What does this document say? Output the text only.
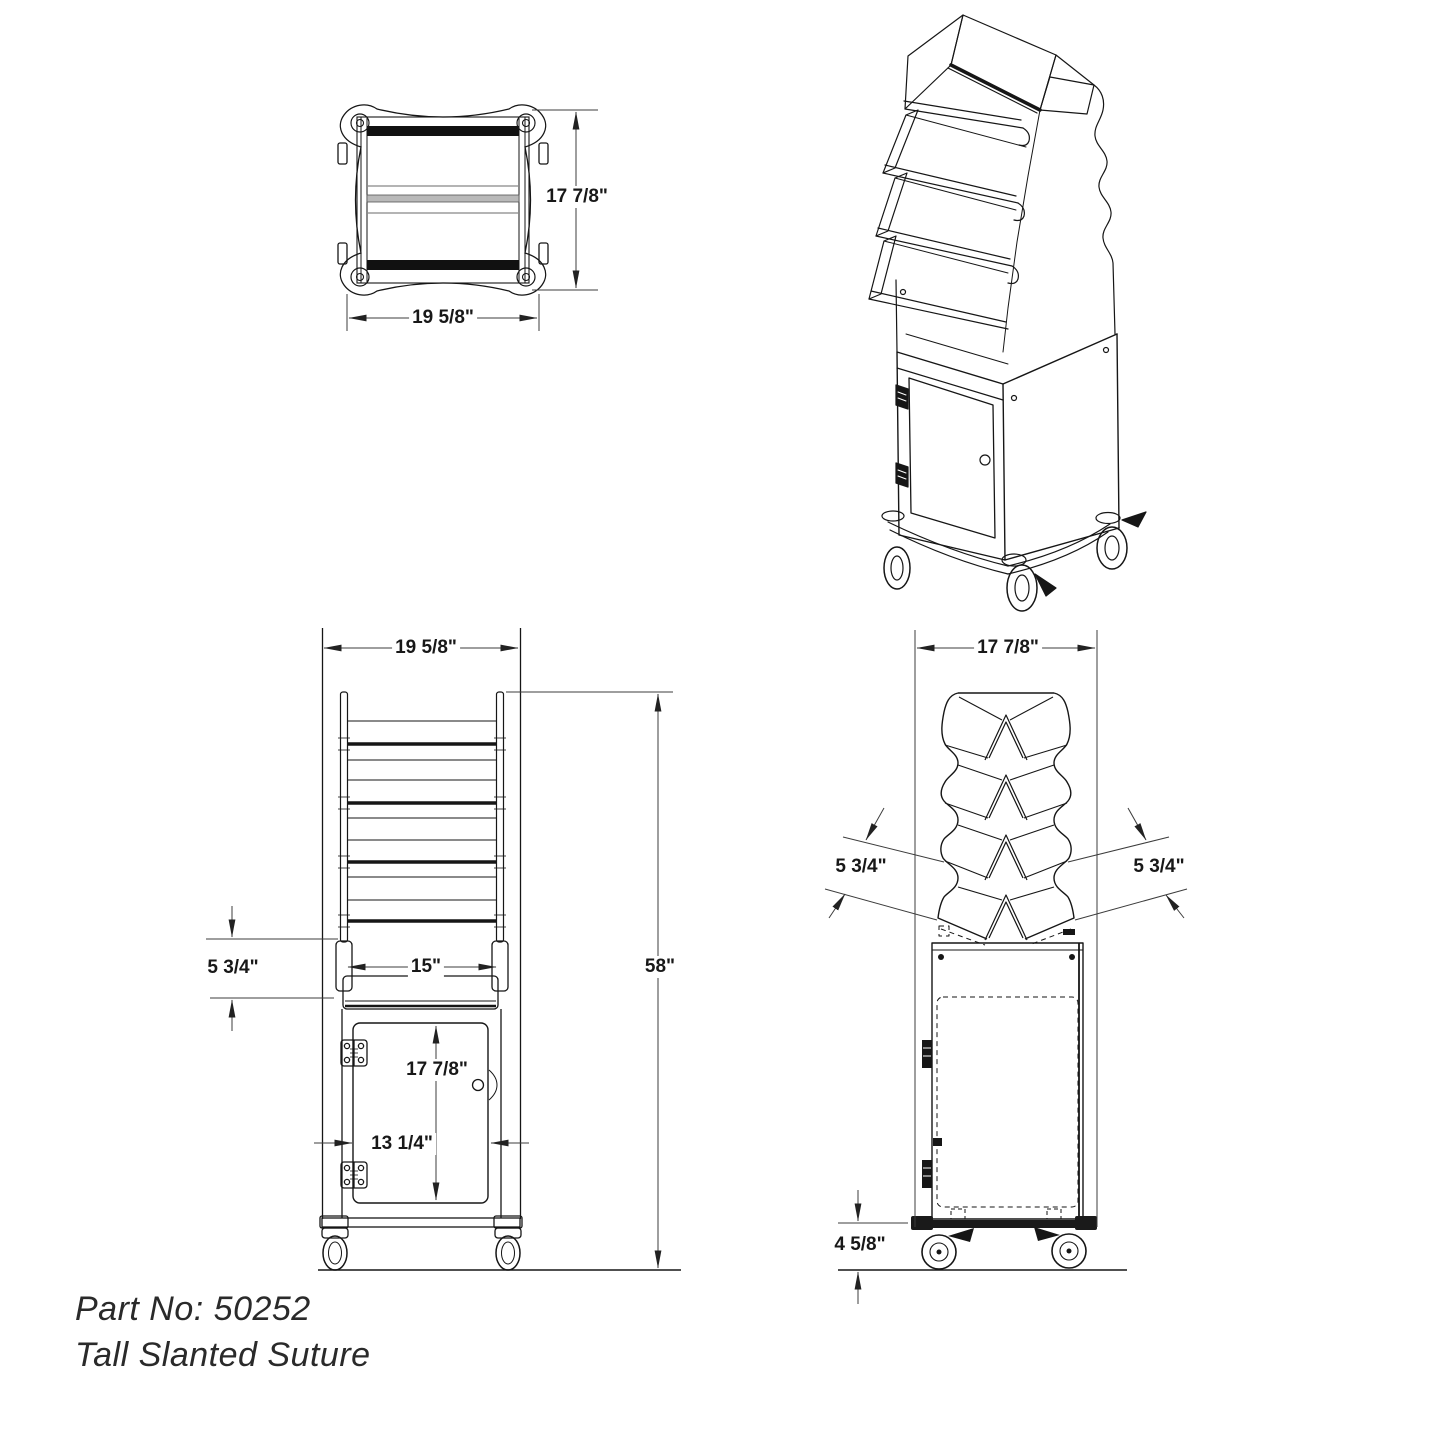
17 7/8"
19 5/8"
19 5/8"
58"
5 3/4"	15"
17 7/8"
13 1/4"
17 7/8"
5 3/4"	5 3/4"
4 5/8"
Part No: 50252
Tall Slanted Suture
